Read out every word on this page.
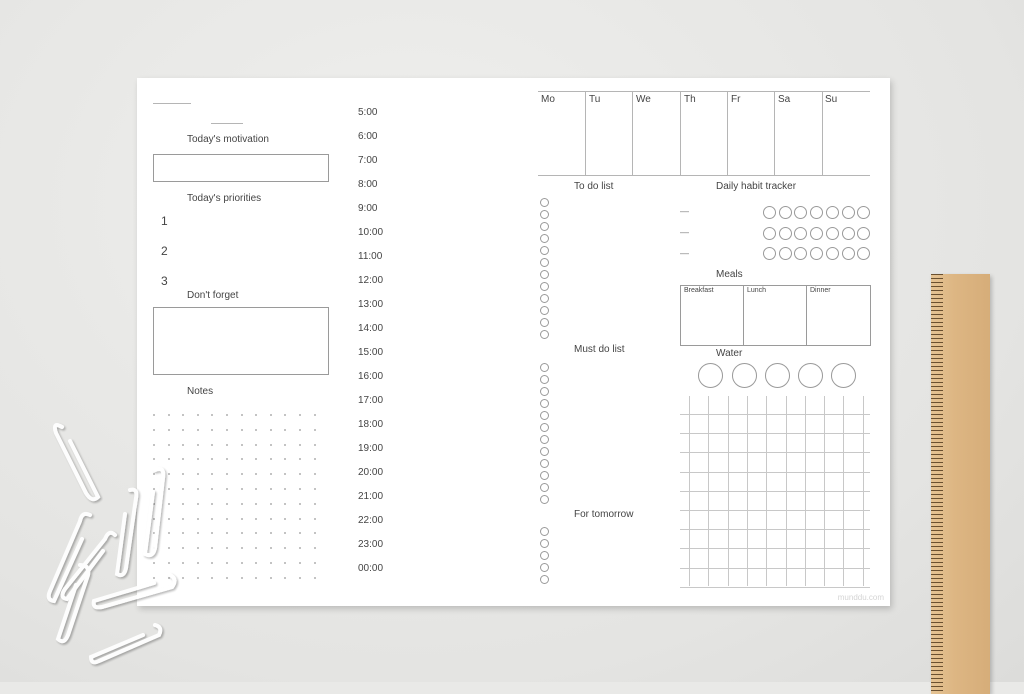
Today's motivation
Today's priorities
1
2
3
Don't forget
Notes
5:00
6:00
7:00
8:00
9:00
10:00
11:00
12:00
13:00
14:00
15:00
16:00
17:00
18:00
19:00
20:00
21:00
22:00
23:00
00:00
Mo	Tu	We	Th	Fr	Sa	Su
To do list
Must do list
For tomorrow
Daily habit tracker
—
—
—
Meals
Breakfast	Lunch	Dinner
Water
munddu.com
